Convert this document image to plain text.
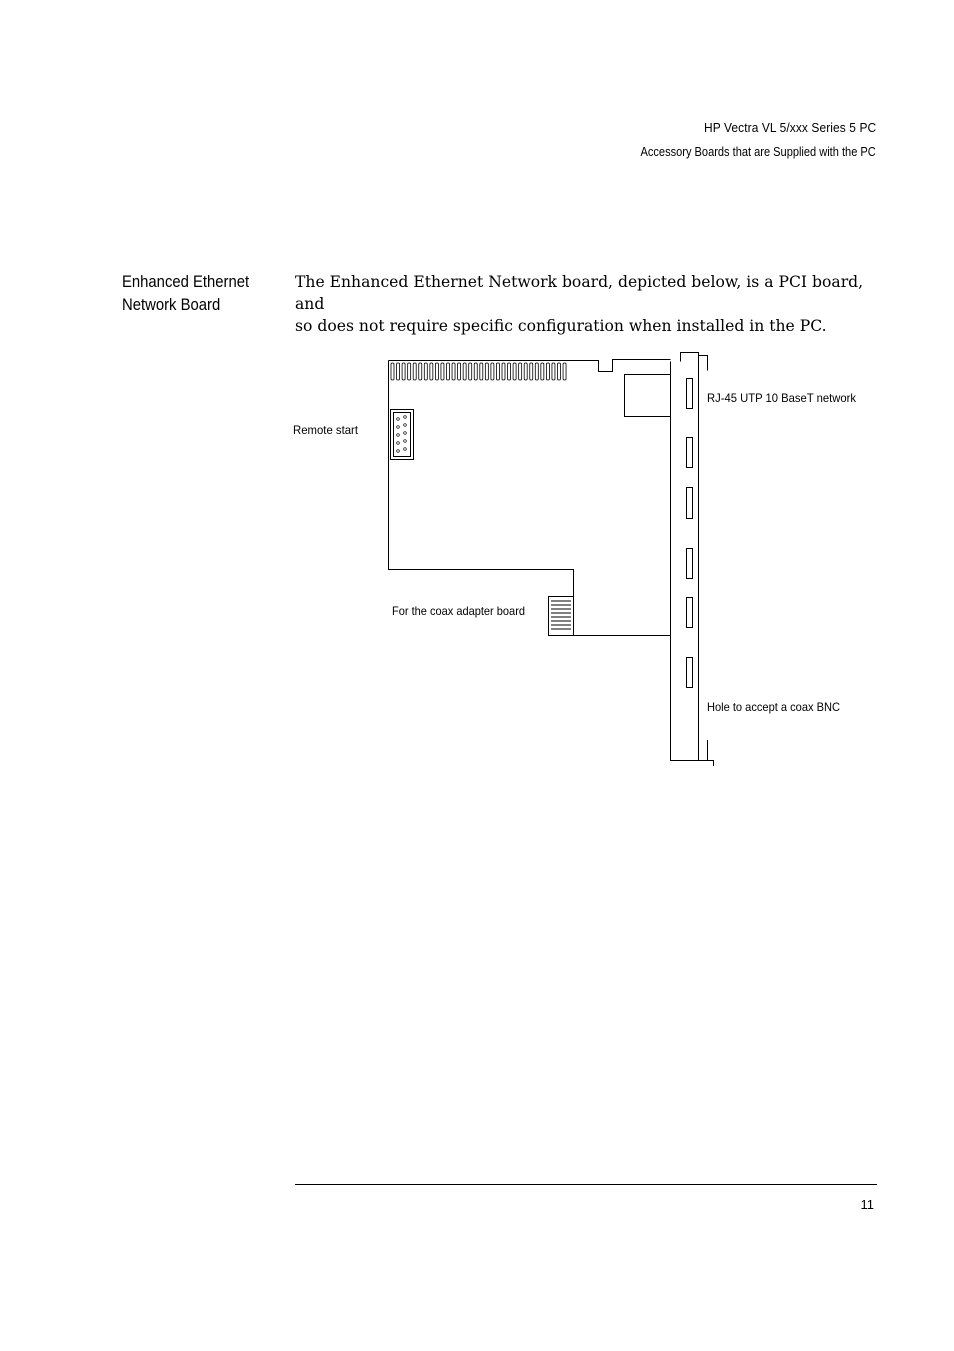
HP Vectra VL 5/xxx Series 5 PC
Accessory Boards that are Supplied with the PC
Enhanced Ethernet
Network Board

The Enhanced Ethernet Network board, depicted below, is a PCI board, and

so does not require specific configuration when installed in the PC.

Remote start
RJ-45 UTP 10 BaseT network
For the coax adapter board
Hole to accept a coax BNC
11
